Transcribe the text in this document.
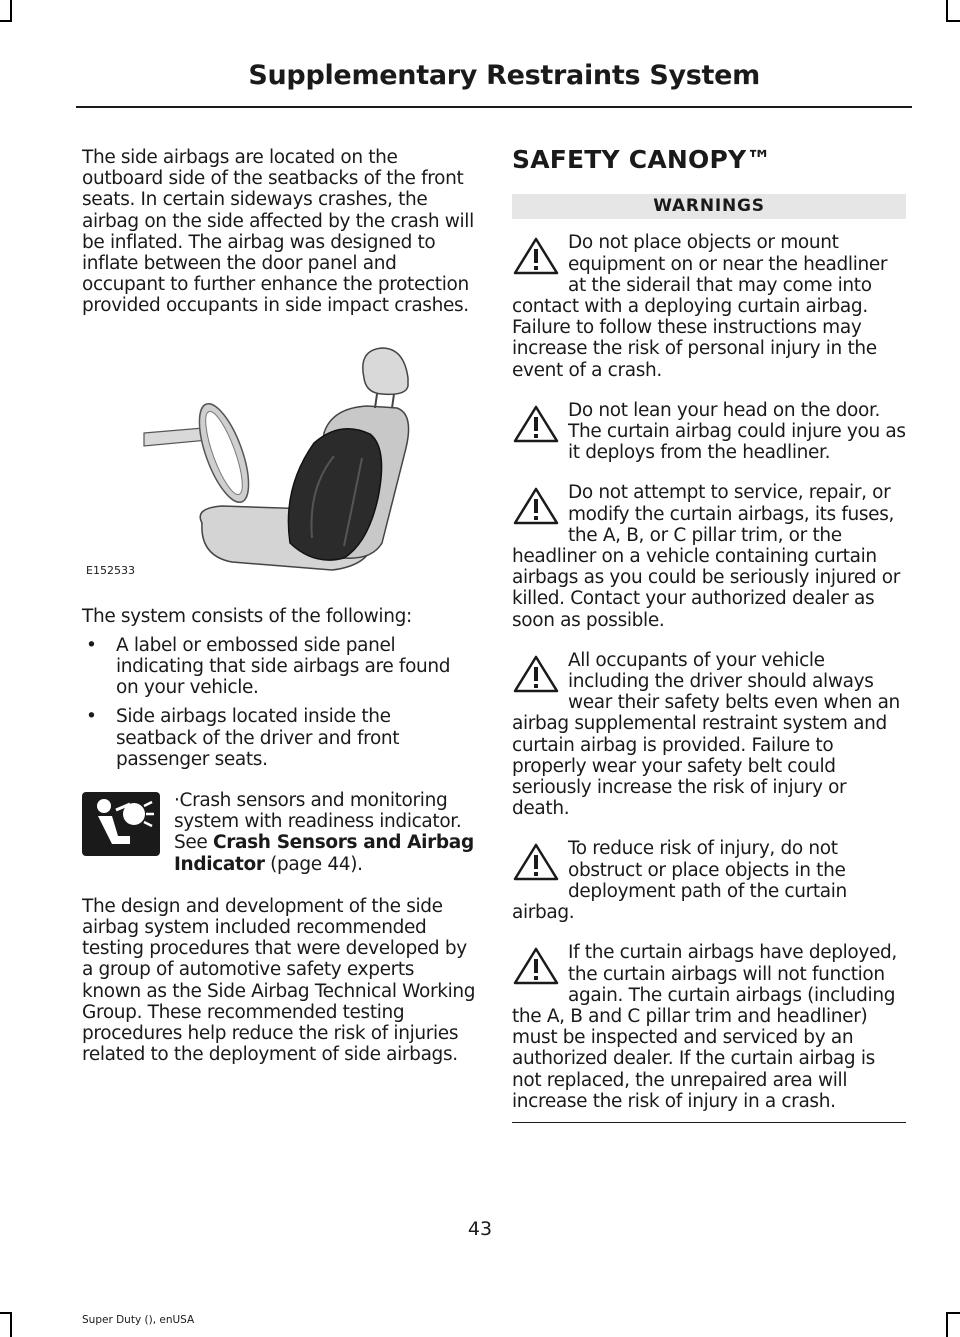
Supplementary Restraints System

The side airbags are located on the outboard side of the seatbacks of the front seats. In certain sideways crashes, the airbag on the side affected by the crash will be inflated. The airbag was designed to inflate between the door panel and occupant to further enhance the protection provided occupants in side impact crashes.

E152533

The system consists of the following:

• A label or embossed side panel indicating that side airbags are found on your vehicle.
• Side airbags located inside the seatback of the driver and front passenger seats.

·Crash sensors and monitoring system with readiness indicator. See Crash Sensors and Airbag Indicator (page 44).

The design and development of the side airbag system included recommended testing procedures that were developed by a group of automotive safety experts known as the Side Airbag Technical Working Group. These recommended testing procedures help reduce the risk of injuries related to the deployment of side airbags.

SAFETY CANOPY™
WARNINGS
Do not place objects or mount equipment on or near the headliner at the siderail that may come into contact with a deploying curtain airbag. Failure to follow these instructions may increase the risk of personal injury in the event of a crash.
Do not lean your head on the door. The curtain airbag could injure you as it deploys from the headliner.
Do not attempt to service, repair, or modify the curtain airbags, its fuses, the A, B, or C pillar trim, or the headliner on a vehicle containing curtain airbags as you could be seriously injured or killed. Contact your authorized dealer as soon as possible.
All occupants of your vehicle including the driver should always wear their safety belts even when an airbag supplemental restraint system and curtain airbag is provided. Failure to properly wear your safety belt could seriously increase the risk of injury or death.
To reduce risk of injury, do not obstruct or place objects in the deployment path of the curtain airbag.
If the curtain airbags have deployed, the curtain airbags will not function again. The curtain airbags (including the A, B and C pillar trim and headliner) must be inspected and serviced by an authorized dealer. If the curtain airbag is not replaced, the unrepaired area will increase the risk of injury in a crash.
43
Super Duty (), enUSA
